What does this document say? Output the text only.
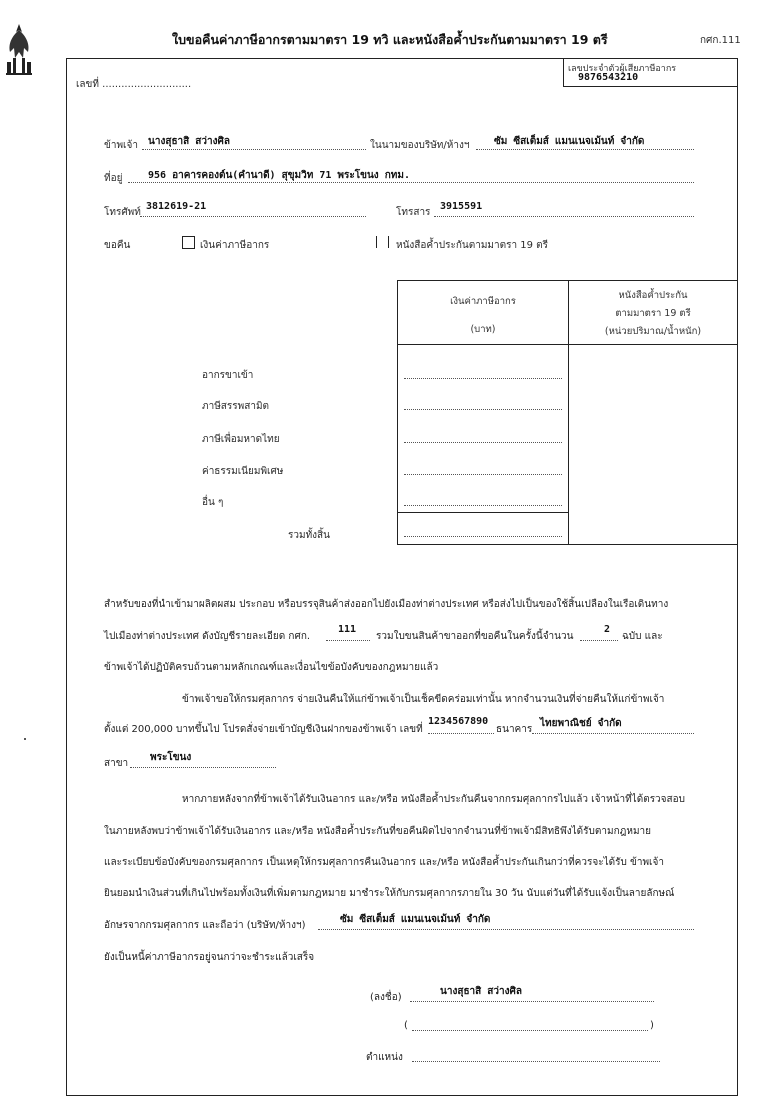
ใบขอคืนค่าภาษีอากรตามมาตรา 19 ทวิ และหนังสือค้ำประกันตามมาตรา 19 ตรี	กศก.111
เลขประจำตัวผู้เสียภาษีอากร
9876543210
เลขที่ ............................
ข้าพเจ้า นางสุธาสิ สว่างศิล	ในนามของบริษัท/ห้างฯ ซัม ซีสเต็มส์ แมนเนจเม้นท์ จำกัด
ที่อยู่	956 อาคารคองต์น(คำนาดี) สุขุมวิท 71 พระโขนง กทม.
โทรศัพท์
3812619-21
โทรสาร
3915591
ขอคืน	เงินค่าภาษีอากร	หนังสือค้ำประกันตามมาตรา 19 ตรี
เงินค่าภาษีอากร
(บาท)
หนังสือค้ำประกัน
ตามมาตรา 19 ตรี
(หน่วยปริมาณ/น้ำหนัก)
อากรขาเข้า
ภาษีสรรพสามิต
ภาษีเพื่อมหาดไทย
ค่าธรรมเนียมพิเศษ
อื่น ๆ
รวมทั้งสิ้น
สำหรับของที่นำเข้ามาผลิตผสม ประกอบ หรือบรรจุสินค้าส่งออกไปยังเมืองท่าต่างประเทศ หรือส่งไปเป็นของใช้สิ้นเปลืองในเรือเดินทาง
ไปเมืองท่าต่างประเทศ ดังบัญชีรายละเอียด กศก.
111
รวมใบขนสินค้าขาออกที่ขอคืนในครั้งนี้จำนวน
2
ฉบับ และ
ข้าพเจ้าได้ปฏิบัติครบถ้วนตามหลักเกณฑ์และเงื่อนไขข้อบังคับของกฎหมายแล้ว
ข้าพเจ้าขอให้กรมศุลกากร จ่ายเงินคืนให้แก่ข้าพเจ้าเป็นเช็คขีดคร่อมเท่านั้น หากจำนวนเงินที่จ่ายคืนให้แก่ข้าพเจ้า
ตั้งแต่ 200,000 บาทขึ้นไป โปรดสั่งจ่ายเข้าบัญชีเงินฝากของข้าพเจ้า เลขที่
1234567890
ธนาคาร
ไทยพาณิชย์ จำกัด
สาขา
พระโขนง
หากภายหลังจากที่ข้าพเจ้าได้รับเงินอากร และ/หรือ หนังสือค้ำประกันคืนจากกรมศุลกากรไปแล้ว เจ้าหน้าที่ได้ตรวจสอบ
ในภายหลังพบว่าข้าพเจ้าได้รับเงินอากร และ/หรือ หนังสือค้ำประกันที่ขอคืนผิดไปจากจำนวนที่ข้าพเจ้ามีสิทธิพึงได้รับตามกฎหมาย
และระเบียบข้อบังคับของกรมศุลกากร เป็นเหตุให้กรมศุลกากรคืนเงินอากร และ/หรือ หนังสือค้ำประกันเกินกว่าที่ควรจะได้รับ ข้าพเจ้า
ยินยอมนำเงินส่วนที่เกินไปพร้อมทั้งเงินที่เพิ่มตามกฎหมาย มาชำระให้กับกรมศุลกากรภายใน 30 วัน นับแต่วันที่ได้รับแจ้งเป็นลายลักษณ์
อักษรจากกรมศุลกากร และถือว่า (บริษัท/ห้างฯ)
ซัม ซีสเต็มส์ แมนเนจเม้นท์ จำกัด
ยังเป็นหนี้ค่าภาษีอากรอยู่จนกว่าจะชำระแล้วเสร็จ
(ลงชื่อ)
นางสุธาสิ สว่างศิล
(	)
ตำแหน่ง
